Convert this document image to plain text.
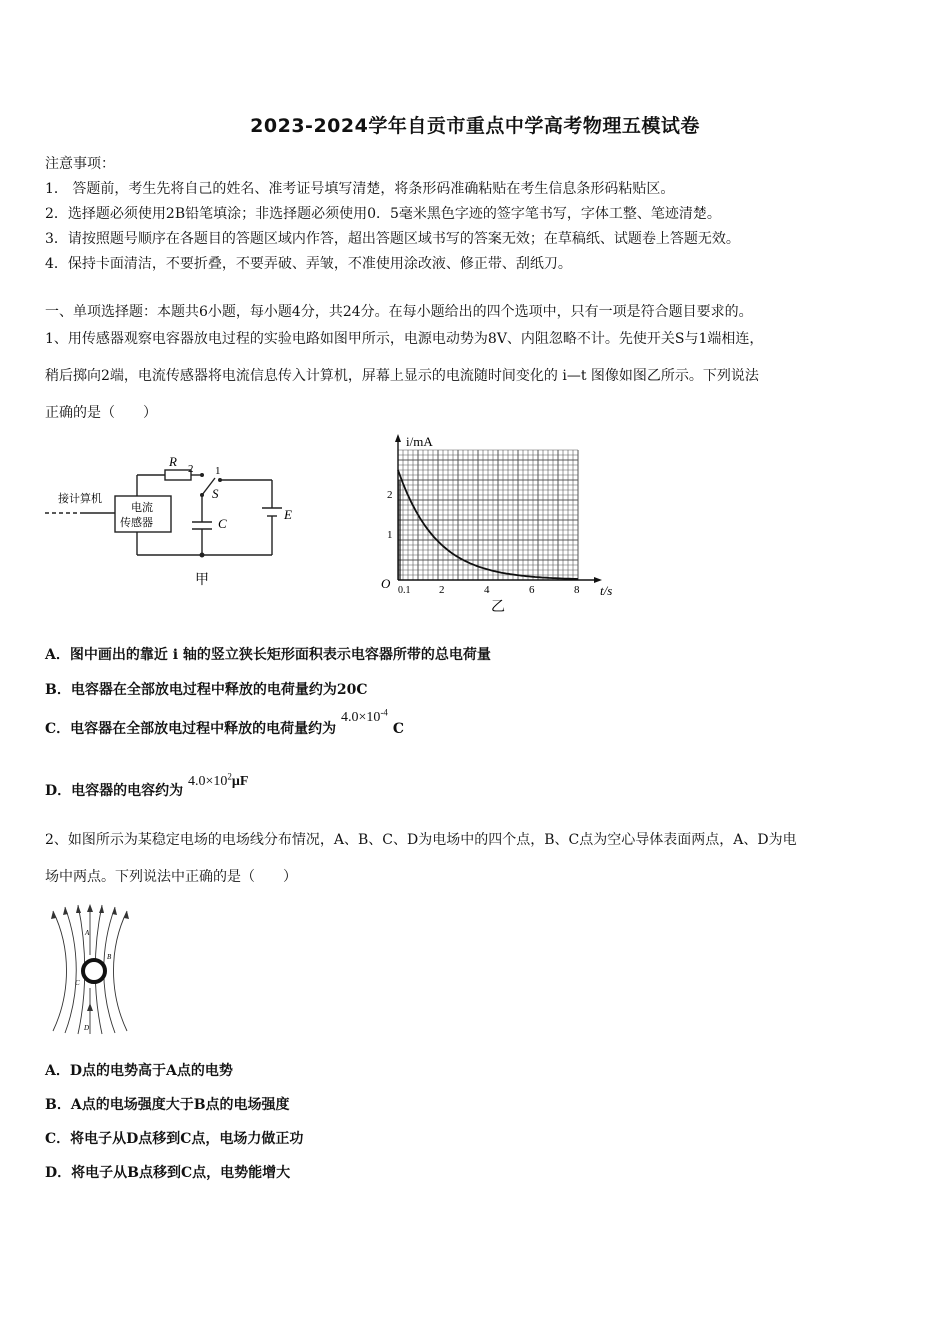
2023-2024学年自贡市重点中学高考物理五模试卷
注意事项：
1． 答题前，考生先将自己的姓名、准考证号填写清楚，将条形码准确粘贴在考生信息条形码粘贴区。
2．选择题必须使用2B铅笔填涂；非选择题必须使用0．5毫米黑色字迹的签字笔书写，字体工整、笔迹清楚。
3．请按照题号顺序在各题目的答题区域内作答，超出答题区域书写的答案无效；在草稿纸、试题卷上答题无效。
4．保持卡面清洁，不要折叠，不要弄破、弄皱，不准使用涂改液、修正带、刮纸刀。
一、单项选择题：本题共6小题，每小题4分，共24分。在每小题给出的四个选项中，只有一项是符合题目要求的。
1、用传感器观察电容器放电过程的实验电路如图甲所示，电源电动势为8V、内阻忽略不计。先使开关S与1端相连，
稍后掷向2端，电流传感器将电流信息传入计算机，屏幕上显示的电流随时间变化的 i—t 图像如图乙所示。下列说法
正确的是（　　）
接计算机
电流
传感器
R 2 1
S
C
E
甲
i/mA
t/s
O
1
2
0.1	2	4	6	8
乙
A．图中画出的靠近 i 轴的竖立狭长矩形面积表示电容器所带的总电荷量
B．电容器在全部放电过程中释放的电荷量约为20C
C．电容器在全部放电过程中释放的电荷量约为 $4.0\times 10^{-4}$ C
D．电容器的电容约为 $4.0\times 10^2\mu F$
2、如图所示为某稳定电场的电场线分布情况，A、B、C、D为电场中的四个点，B、C点为空心导体表面两点，A、D为电
场中两点。下列说法中正确的是（　　）
A
B
C
D
A．D点的电势高于A点的电势
B．A点的电场强度大于B点的电场强度
C．将电子从D点移到C点，电场力做正功
D．将电子从B点移到C点，电势能增大
